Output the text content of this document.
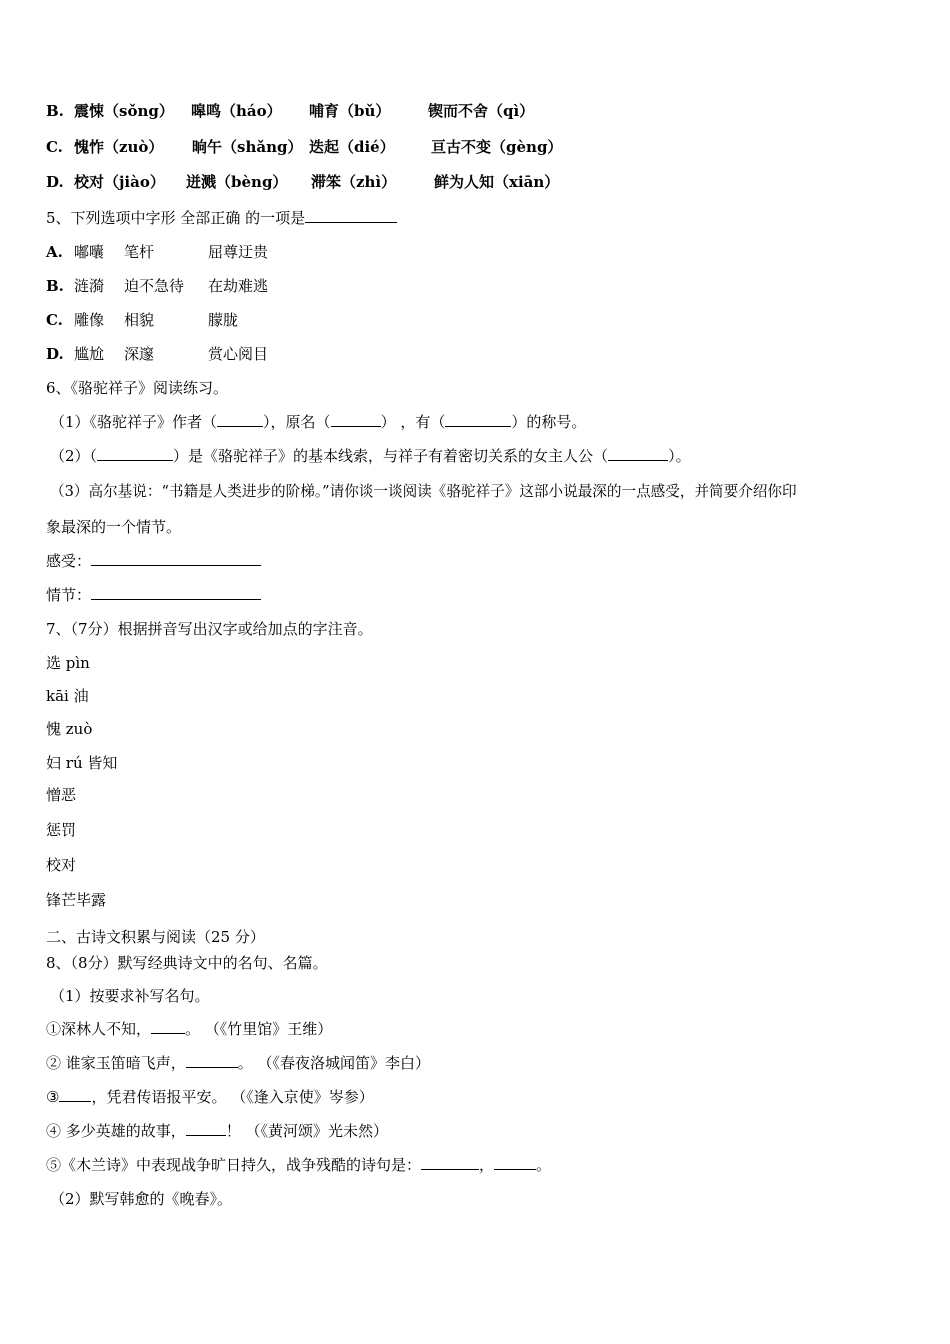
B. 震悚（sǒng） 嗥鸣（háo） 哺育（bǔ）	锲而不舍（qì）
C. 愧怍（zuò） 晌午（shǎng） 迭起（dié） 亘古不变（gèng）
D. 校对（jiào） 迸溅（bèng） 滞笨（zhì）	鲜为人知（xiān）
5、下列选项中字形 全部正确 的一项是
A. 嘟囔 笔杆	屈尊迂贵
B. 涟漪 迫不急待 在劫难逃
C. 雕像 相貌	朦胧
D. 尴尬 深邃	赏心阅目
6、《骆驼祥子》阅读练习。
（1）《骆驼祥子》作者（	），原名（	） ，有（	）的称号。
（2）（	）是《骆驼祥子》的基本线索，与祥子有着密切关系的女主人公（	）。
（3）高尔基说：“书籍是人类进步的阶梯。”请你谈一谈阅读《骆驼祥子》这部小说最深的一点感受，并简要介绍你印
象最深的一个情节。
感受：
情节：
7、（7分）根据拼音写出汉字或给加点的字注音。
选 pìn
kāi 油
愧 zuò
妇 rú 皆知
憎恶
惩罚
校对
锋芒毕露
二、古诗文积累与阅读（25 分）
8、（8分）默写经典诗文中的名句、名篇。
（1）按要求补写名句。
①深林人不知， 。 （《竹里馆》王维）
② 谁家玉笛暗飞声，	。 （《春夜洛城闻笛》李白）
③ ，凭君传语报平安。 （《逢入京使》岑参）
④ 多少英雄的故事，	！ （《黄河颂》光未然）
⑤《木兰诗》中表现战争旷日持久，战争残酷的诗句是：	，	。
（2）默写韩愈的《晚春》。
